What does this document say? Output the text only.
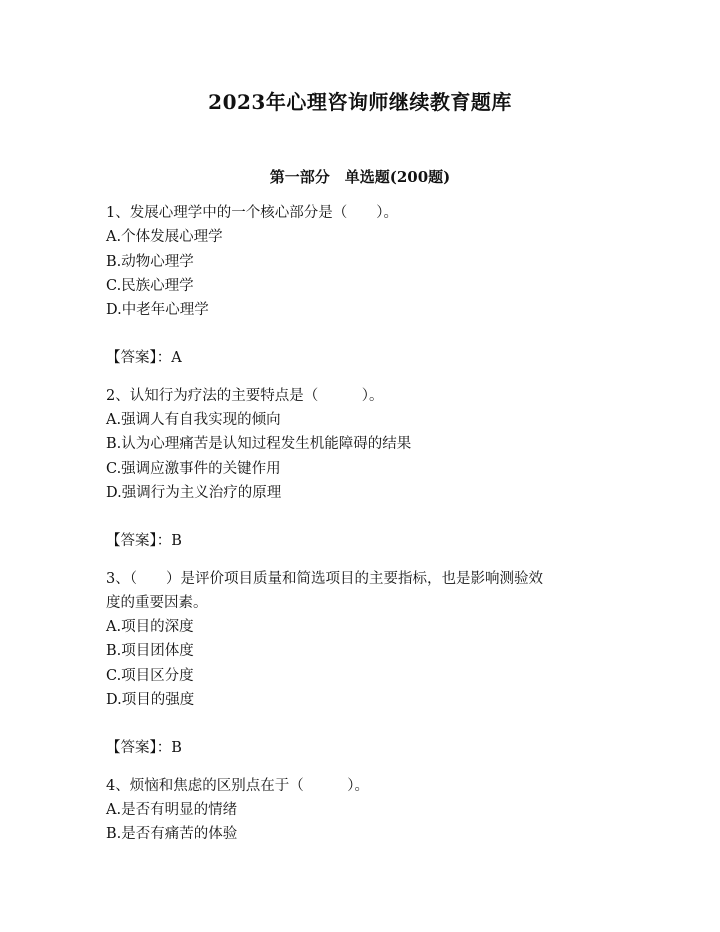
2023年心理咨询师继续教育题库
第一部分　单选题(200题)
1、发展心理学中的一个核心部分是（　　）。
A.个体发展心理学
B.动物心理学
C.民族心理学
D.中老年心理学
【答案】：A
2、认知行为疗法的主要特点是（　　　）。
A.强调人有自我实现的倾向
B.认为心理痛苦是认知过程发生机能障碍的结果
C.强调应激事件的关键作用
D.强调行为主义治疗的原理
【答案】：B
3、（　　）是评价项目质量和简选项目的主要指标，也是影响测验效
度的重要因素。
A.项目的深度
B.项目团体度
C.项目区分度
D.项目的强度
【答案】：B
4、烦恼和焦虑的区别点在于（　　　）。
A.是否有明显的情绪
B.是否有痛苦的体验
